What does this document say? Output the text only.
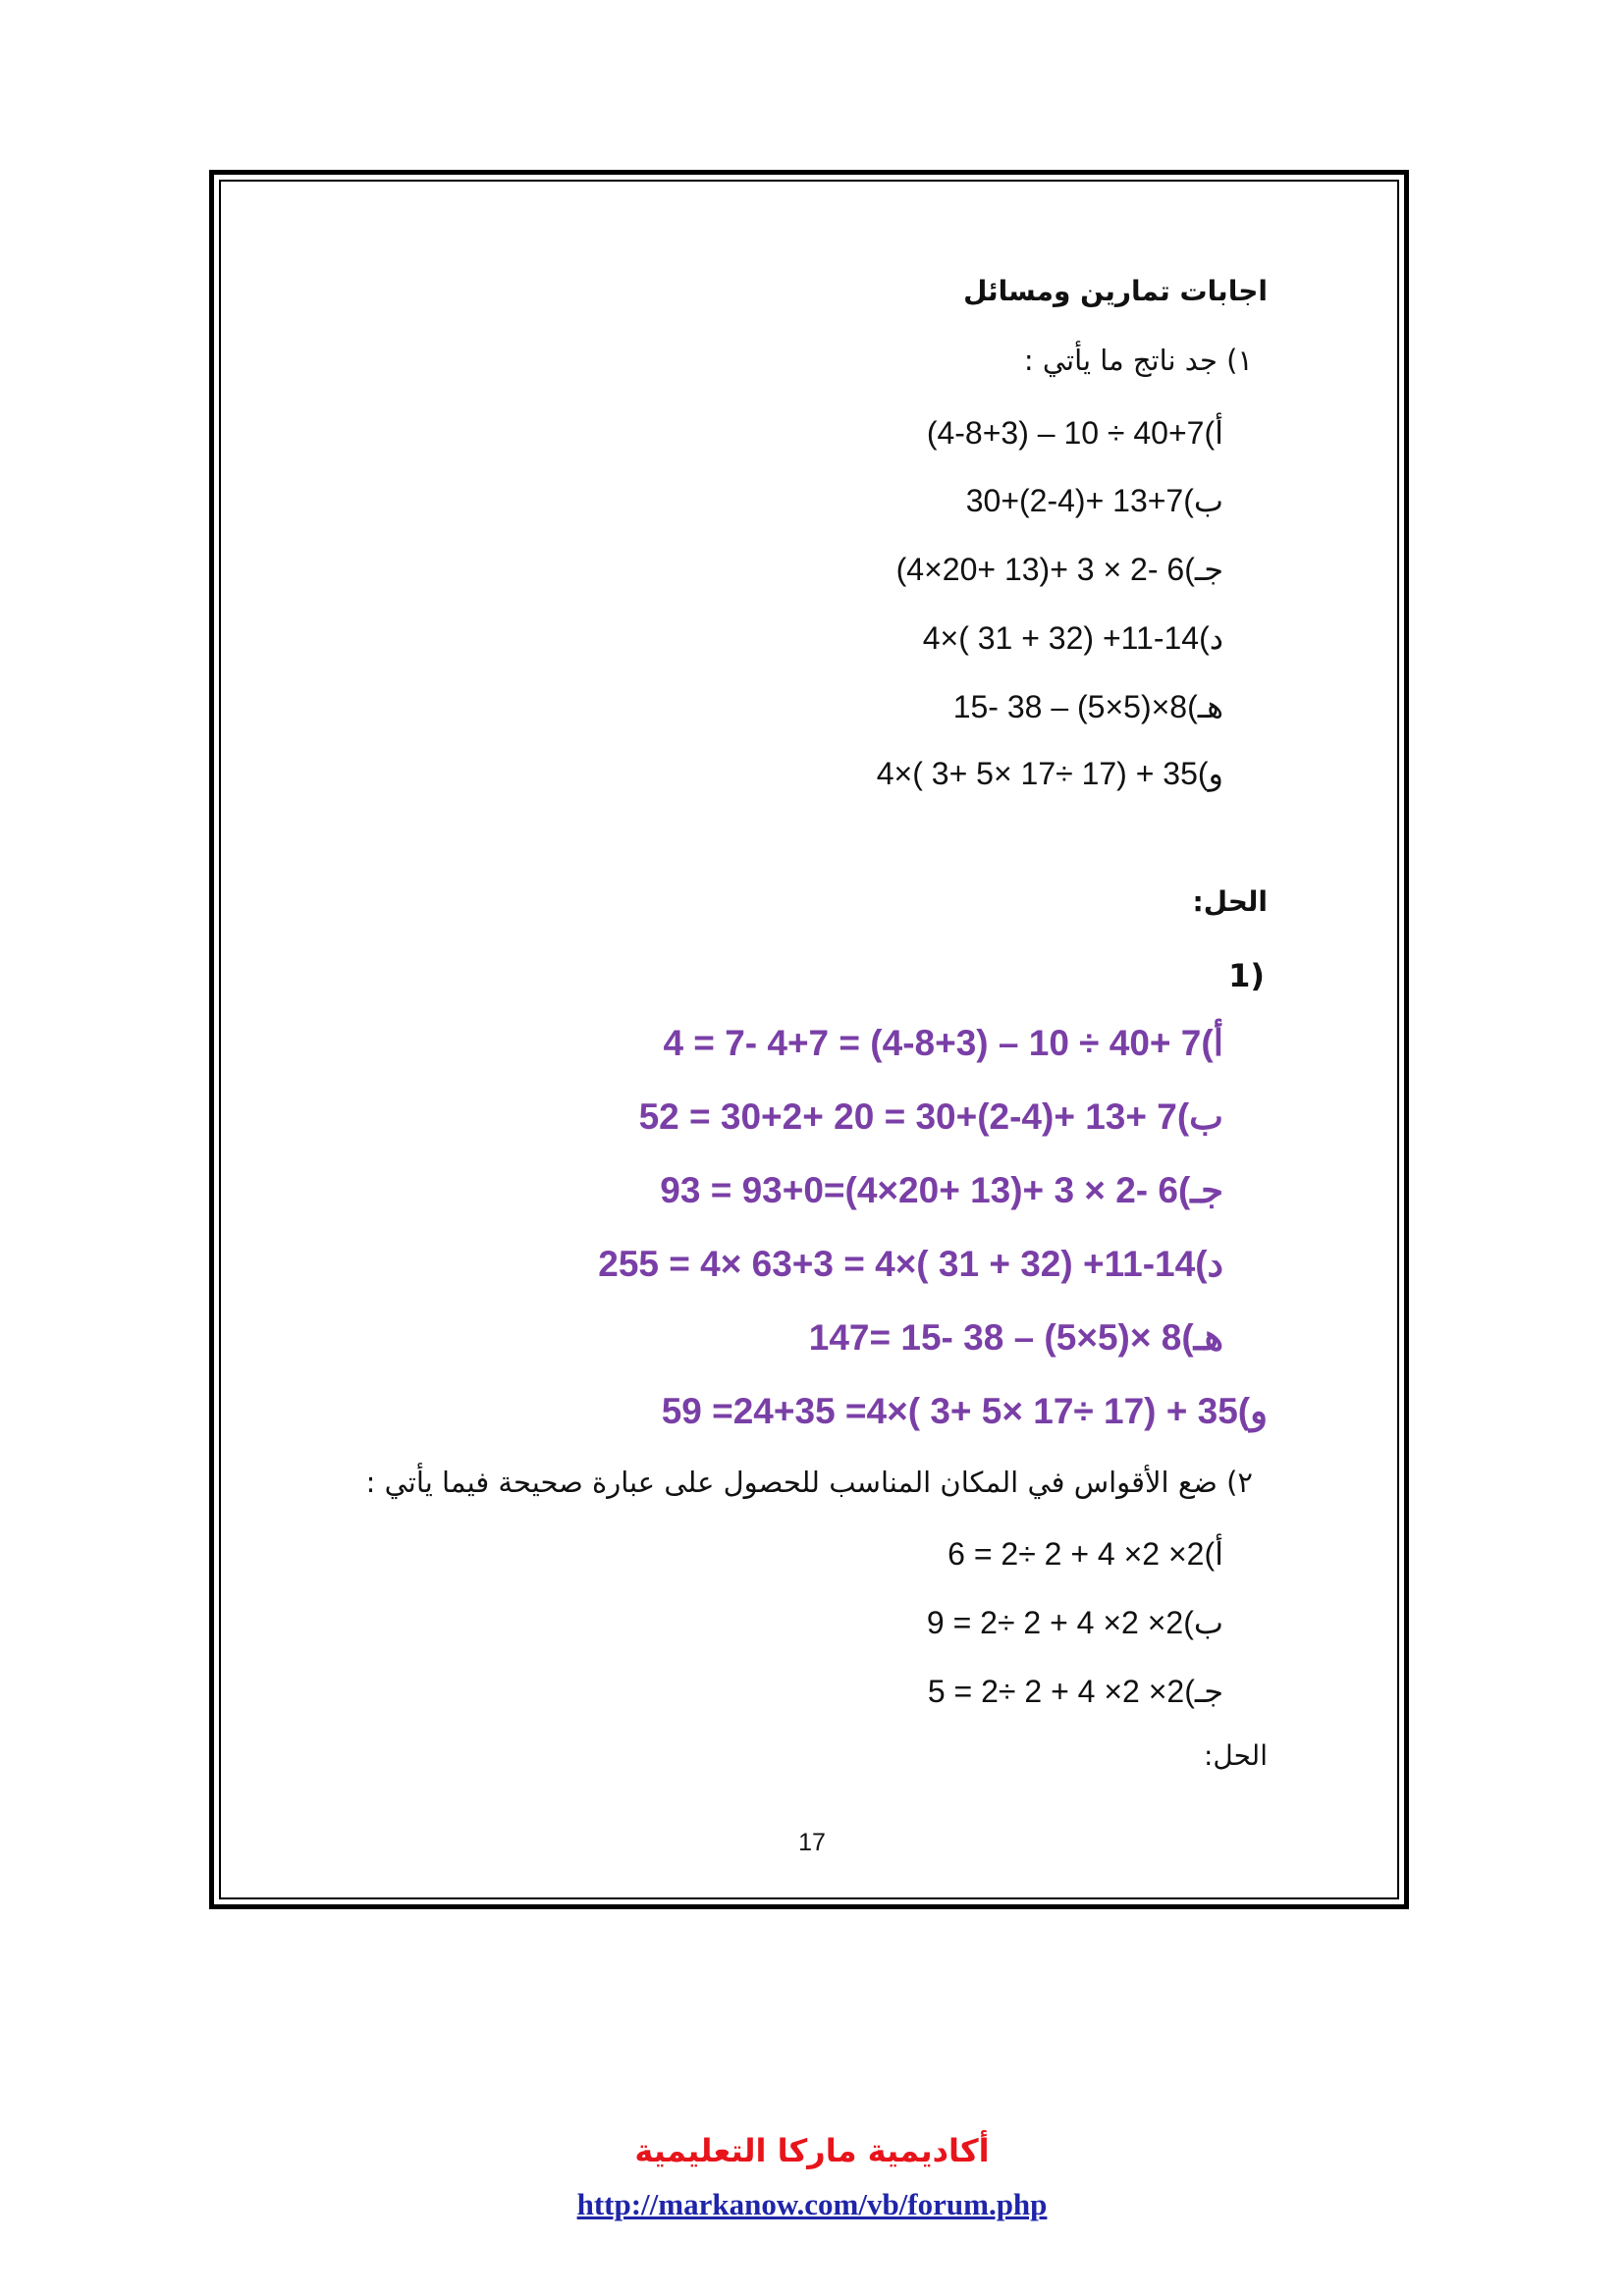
اجابات تمارين ومسائل
١) جد ناتج ما يأتي :
أ)(4-8+3) – 10 ÷ 40+7
ب)30+(2-4)+ 13+7
جـ)(4×20+ 13)+ 3 × 2- 6
د)4×( 31 + 32) +11-14
هـ)15- 38 – (5×5)×8
و)4×( 3+ 5× 17÷ 17) + 35
الحل:
1)
أ)4 = 7- 4+7 = (4-8+3) – 10 ÷ 40+ 7
ب)52 = 30+2+ 20 = 30+(2-4)+ 13+ 7
جـ)93 = 93+0=(4×20+ 13)+ 3 × 2- 6
د)255 = 4× 63+3 = 4×( 31 + 32) +11-14
هـ)147= 15- 38 – (5×5)× 8
و)59 =24+35 =4×( 3+ 5× 17÷ 17) + 35
٢) ضع الأقواس في المكان المناسب للحصول على عبارة صحيحة فيما يأتي :
أ)6 = 2÷ 2 + 4 ×2 ×2
ب)9 = 2÷ 2 + 4 ×2 ×2
جـ)5 = 2÷ 2 + 4 ×2 ×2
الحل:
17
أكاديمية ماركا التعليمية
http://markanow.com/vb/forum.php
